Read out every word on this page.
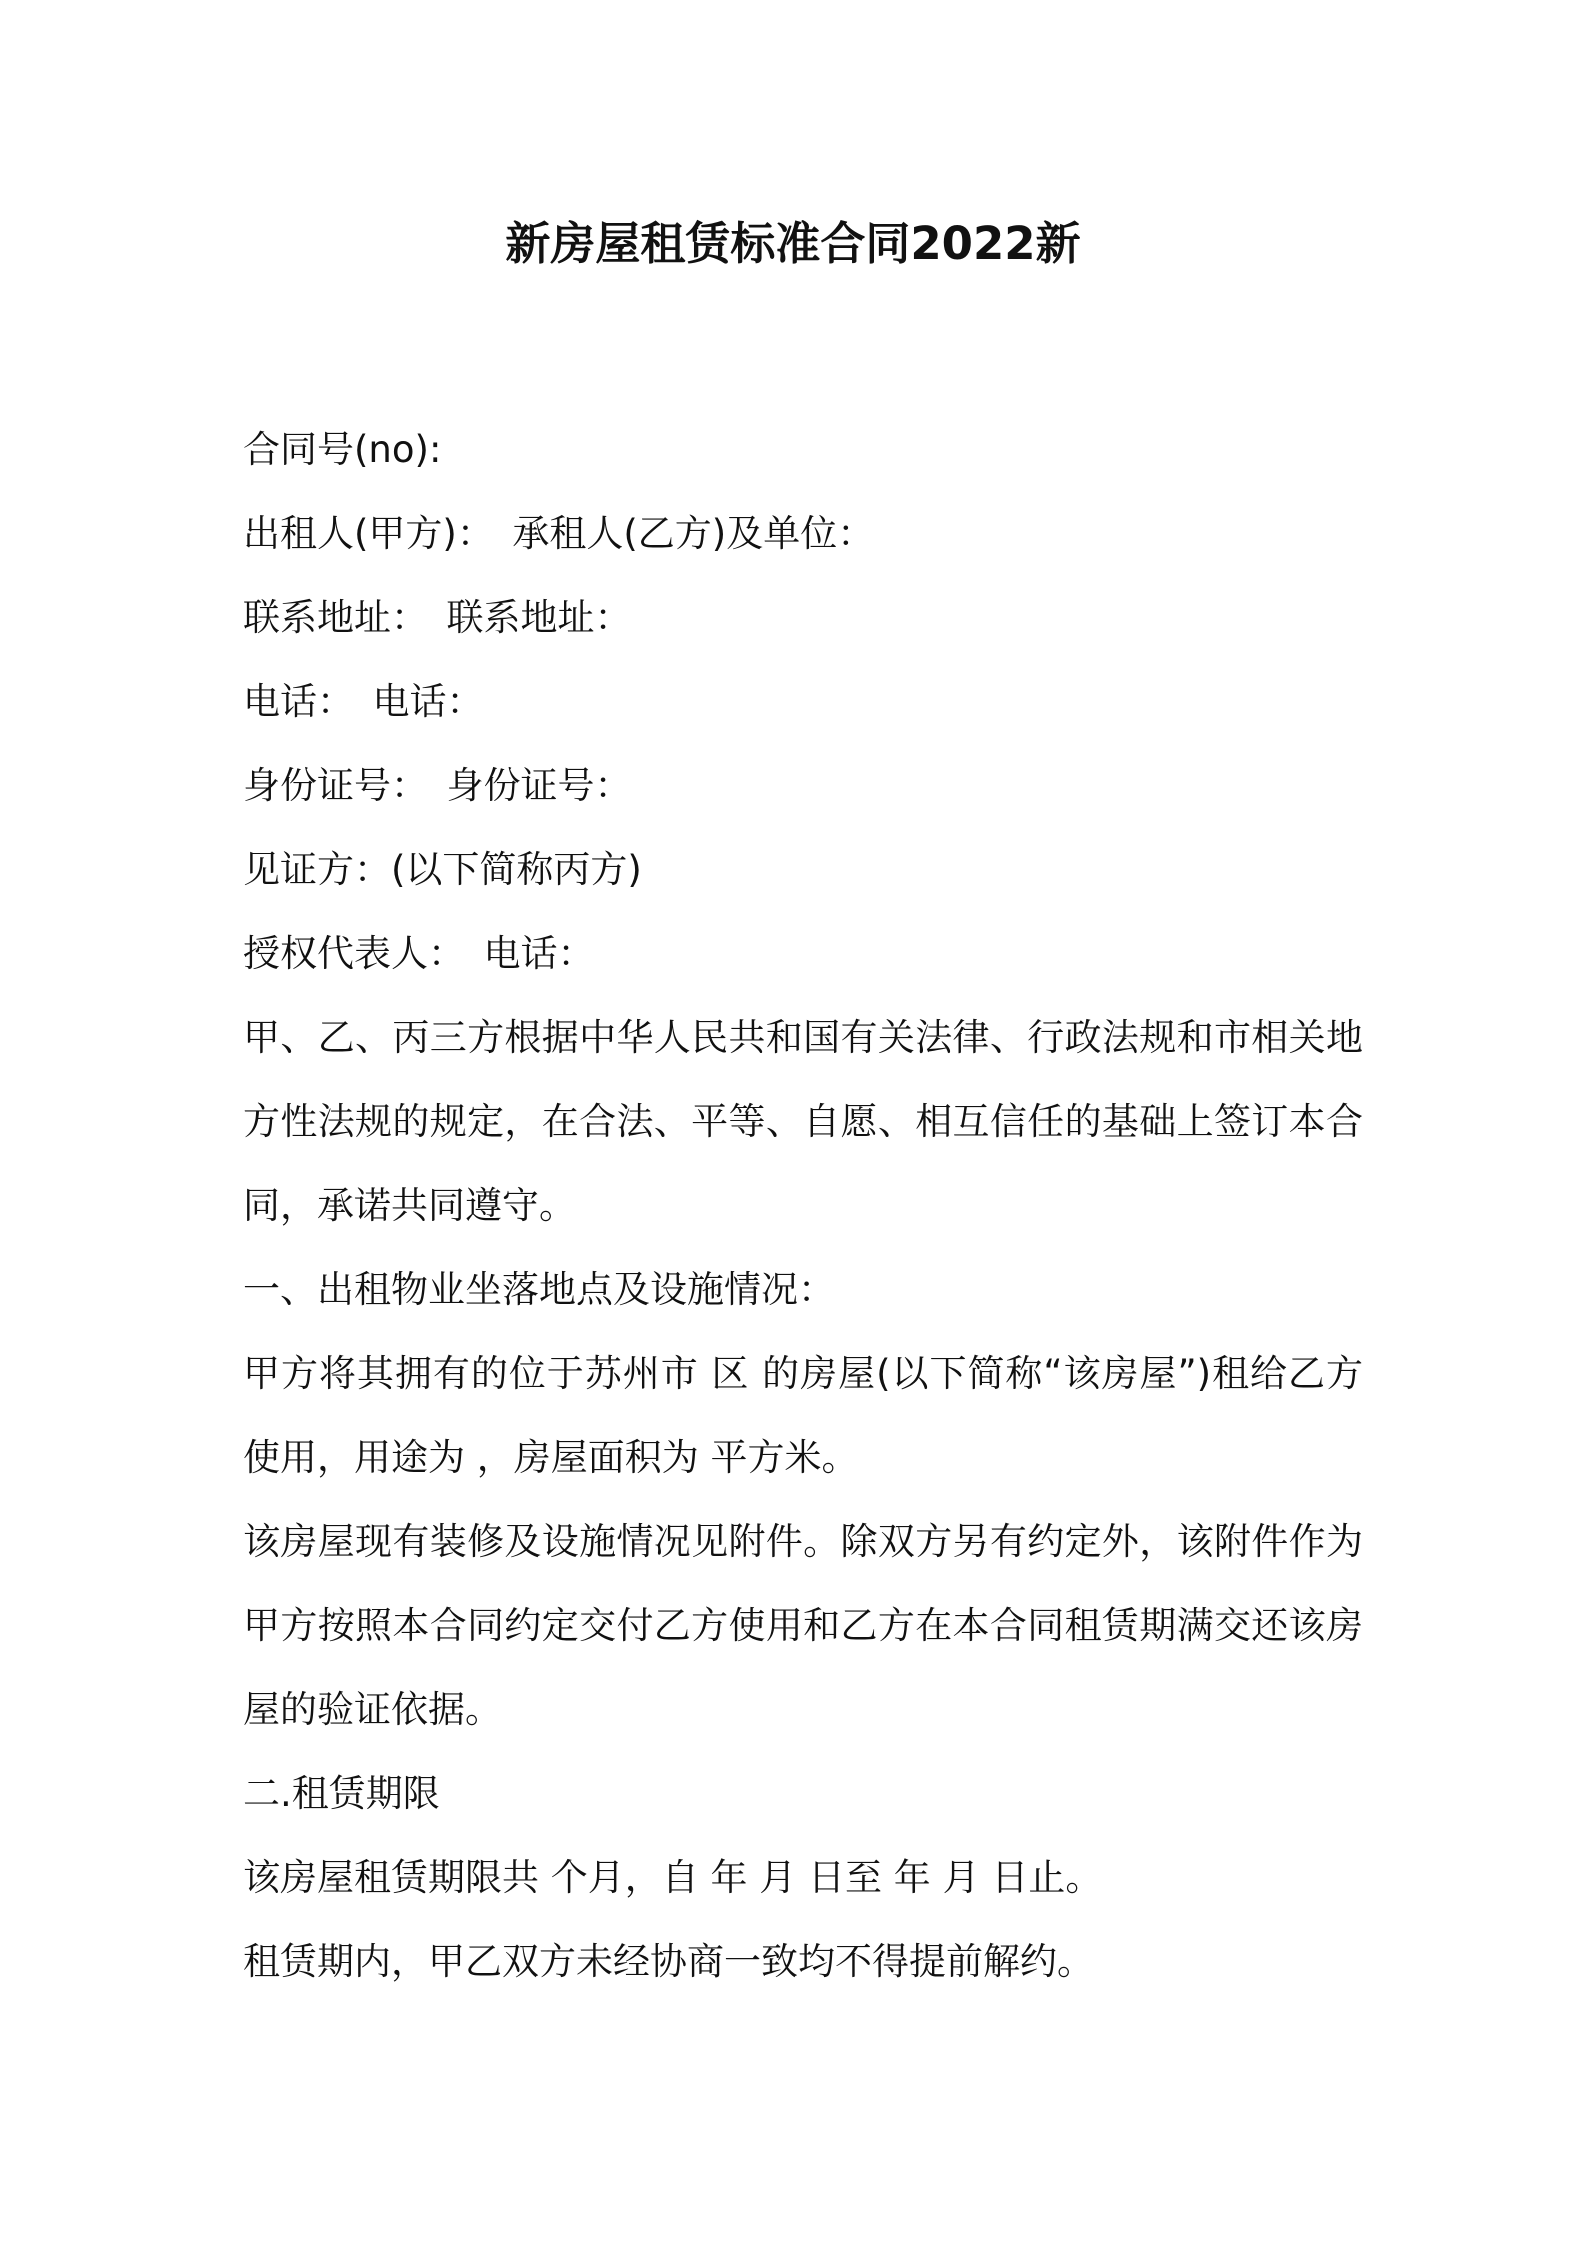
新房屋租赁标准合同2022新
合同号(no):
出租人(甲方)：　承租人(乙方)及单位：
联系地址：　联系地址：
电话：　电话：
身份证号：　身份证号：
见证方：(以下简称丙方)
授权代表人：　电话：
甲、乙、丙三方根据中华人民共和国有关法律、行政法规和市相关地方性法规的规定，在合法、平等、自愿、相互信任的基础上签订本合同，承诺共同遵守。
一、出租物业坐落地点及设施情况：
甲方将其拥有的位于苏州市 区 的房屋(以下简称“该房屋”)租给乙方使用，用途为 ，房屋面积为 平方米。
该房屋现有装修及设施情况见附件。除双方另有约定外，该附件作为甲方按照本合同约定交付乙方使用和乙方在本合同租赁期满交还该房屋的验证依据。
二.租赁期限
该房屋租赁期限共 个月，自 年 月 日至 年 月 日止。
租赁期内，甲乙双方未经协商一致均不得提前解约。
